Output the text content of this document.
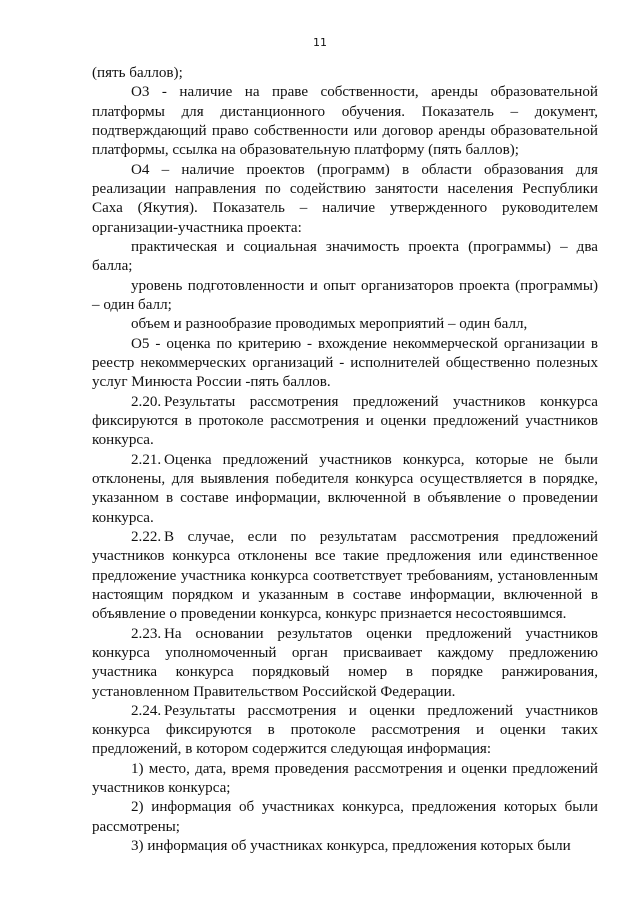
11

(пять баллов);

О3 - наличие на праве собственности, аренды образовательной платформы для дистанционного обучения. Показатель – документ, подтверждающий право собственности или договор аренды образовательной платформы, ссылка на образовательную платформу (пять баллов);

О4 – наличие проектов (программ) в области образования для реализации направления по содействию занятости населения Республики Саха (Якутия). Показатель – наличие утвержденного руководителем организации-участника проекта:

практическая и социальная значимость проекта (программы) – два балла;

уровень подготовленности и опыт организаторов проекта (программы) – один балл;

объем и разнообразие проводимых мероприятий – один балл,

О5 - оценка по критерию - вхождение некоммерческой организации в реестр некоммерческих организаций - исполнителей общественно полезных услуг Минюста России -пять баллов.

2.20. Результаты рассмотрения предложений участников конкурса фиксируются в протоколе рассмотрения и оценки предложений участников конкурса.

2.21. Оценка предложений участников конкурса, которые не были отклонены, для выявления победителя конкурса осуществляется в порядке, указанном в составе информации, включенной в объявление о проведении конкурса.

2.22. В случае, если по результатам рассмотрения предложений участников конкурса отклонены все такие предложения или единственное предложение участника конкурса соответствует требованиям, установленным настоящим порядком и указанным в составе информации, включенной в объявление о проведении конкурса, конкурс признается несостоявшимся.

2.23. На основании результатов оценки предложений участников конкурса уполномоченный орган присваивает каждому предложению участника конкурса порядковый номер в порядке ранжирования, установленном Правительством Российской Федерации.

2.24. Результаты рассмотрения и оценки предложений участников конкурса фиксируются в протоколе рассмотрения и оценки таких предложений, в котором содержится следующая информация:

1) место, дата, время проведения рассмотрения и оценки предложений участников конкурса;

2) информация об участниках конкурса, предложения которых были рассмотрены;

3) информация об участниках конкурса, предложения которых были
